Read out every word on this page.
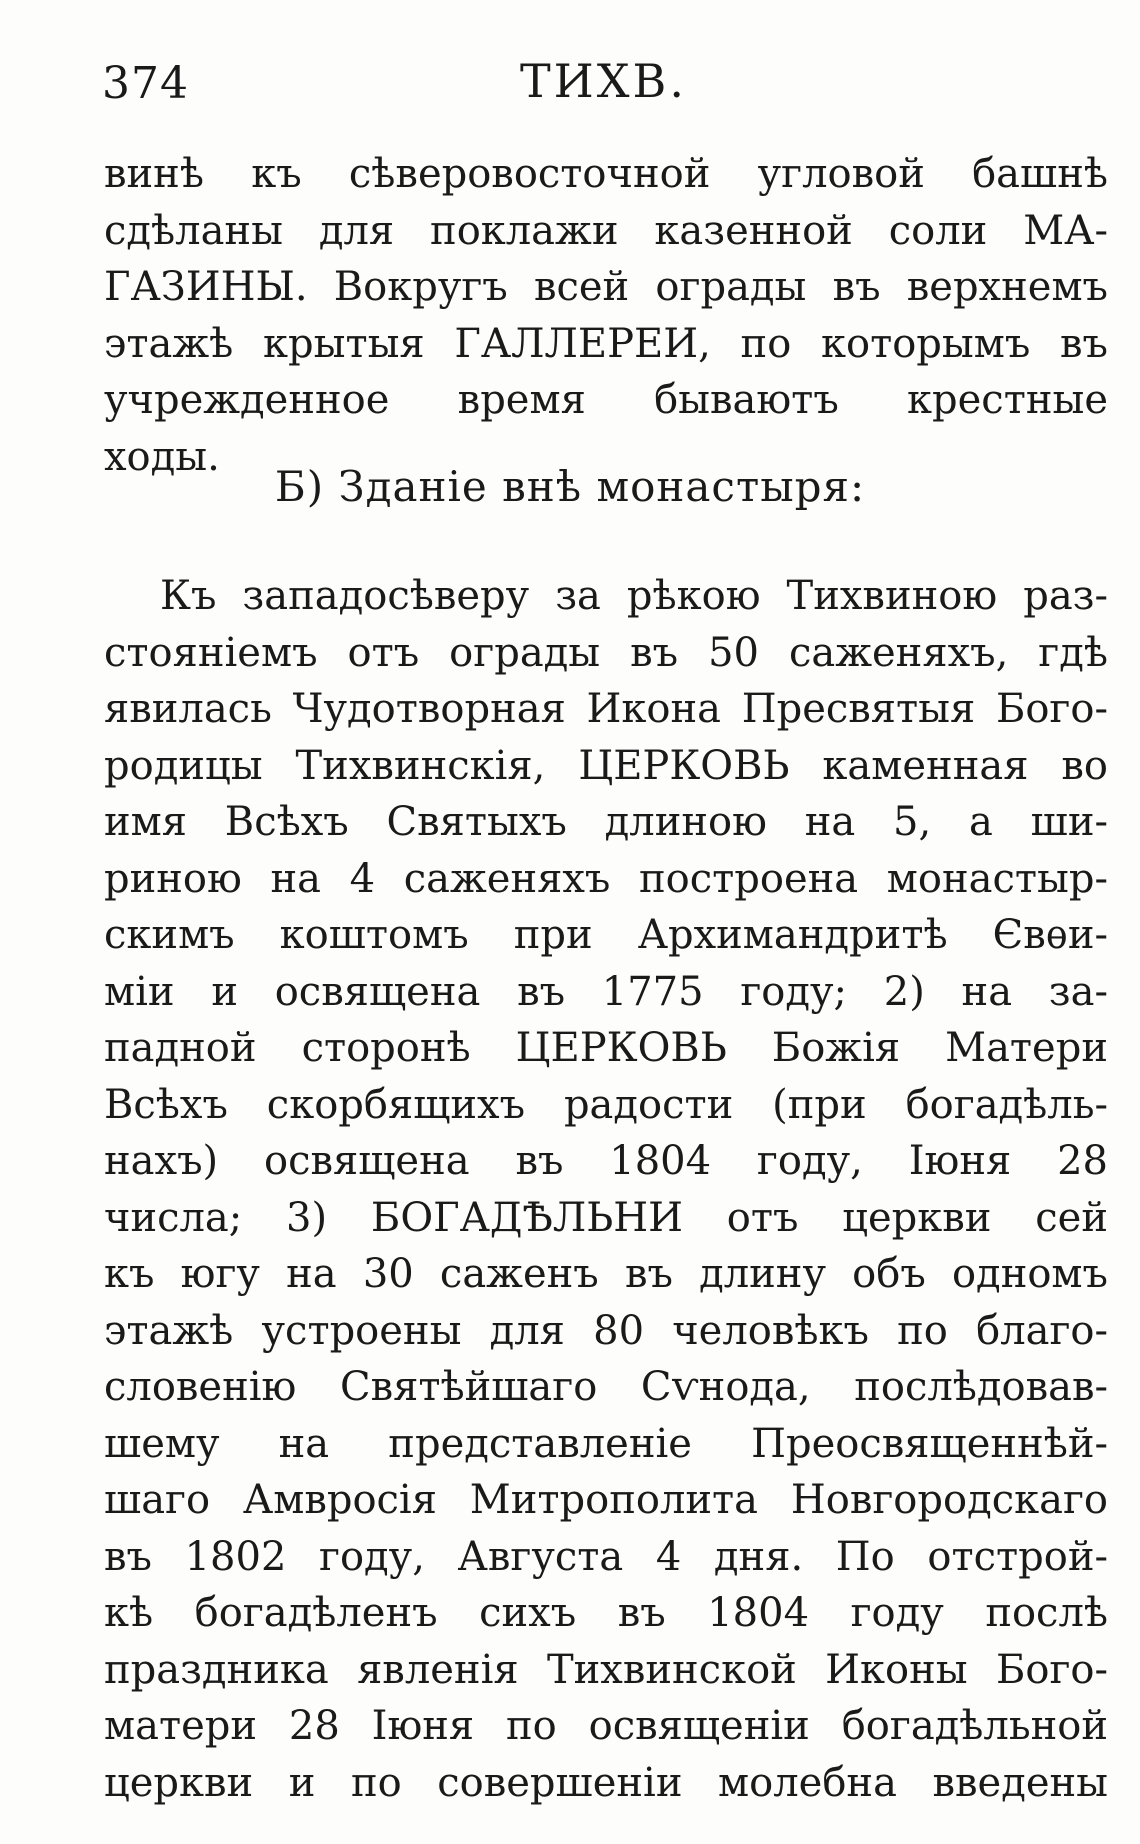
374	ТИХВ.
винѣ къ сѣверовосточной угловой башнѣ
сдѣланы для поклажи казенной соли МА-
ГАЗИНЫ. Вокругъ всей ограды въ верхнемъ
этажѣ крытыя ГАЛЛЕРЕИ, по которымъ въ
учрежденное время бываютъ крестные
ходы.
Б) Зданіе внѣ монастыря:
Къ западосѣверу за рѣкою Тихвиною раз-
стояніемъ отъ ограды въ 50 саженяхъ, гдѣ
явилась Чудотворная Икона Пресвятыя Бого-
родицы Тихвинскія, ЦЕРКОВЬ каменная во
имя Всѣхъ Святыхъ длиною на 5, а ши-
риною на 4 саженяхъ построена монастыр-
скимъ коштомъ при Архимандритѣ Євѳи-
міи и освящена въ 1775 году; 2) на за-
падной сторонѣ ЦЕРКОВЬ Божія Матери
Всѣхъ скорбящихъ радости (при богадѣль-
нахъ) освящена въ 1804 году, Іюня 28
числа; 3) БОГАДѢЛЬНИ отъ церкви сей
къ югу на 30 саженъ въ длину объ одномъ
этажѣ устроены для 80 человѣкъ по благо-
словенію Святѣйшаго Сѵнода, послѣдовав-
шему на представленіе Преосвященнѣй-
шаго Амвросія Митрополита Новгородскаго
въ 1802 году, Августа 4 дня. По отстрой-
кѣ богадѣленъ сихъ въ 1804 году послѣ
праздника явленія Тихвинской Иконы Бого-
матери 28 Іюня по освященіи богадѣльной
церкви и по совершеніи молебна введены
